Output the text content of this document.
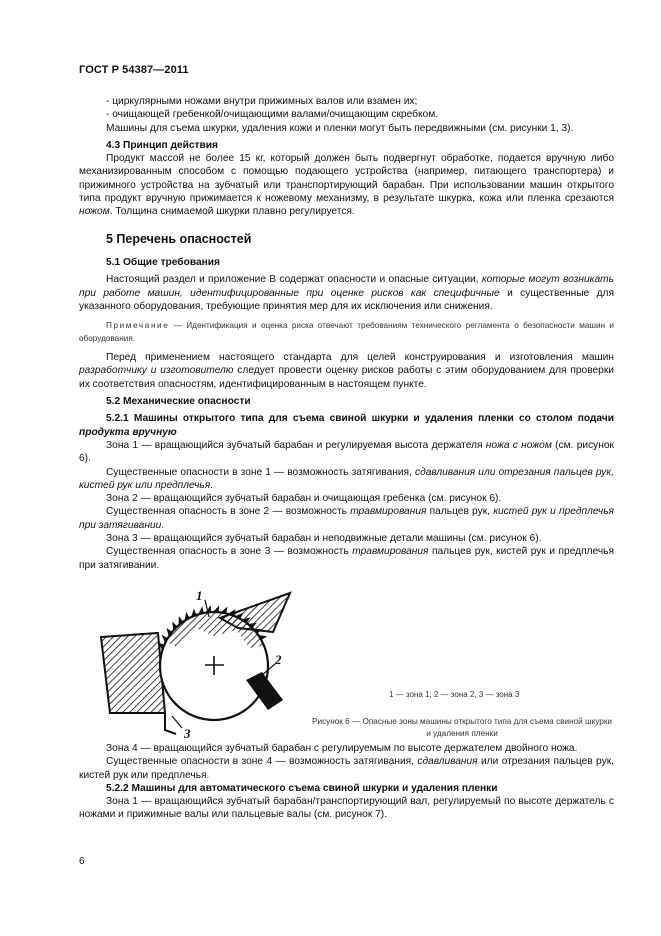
ГОСТ Р 54387—2011

- циркулярными ножами внутри прижимных валов или взамен их;

- очищающей гребенкой/очищающими валами/очищающим скребком.

Машины для съема шкурки, удаления кожи и пленки могут быть передвижными (см. рисунки 1, 3).

4.3 Принцип действия

Продукт массой не более 15 кг, который должен быть подвергнут обработке, подается вручную либо механизированным способом с помощью подающего устройства (например, питающего транспортера) и прижимного устройства на зубчатый или транспортирующий барабан. При использовании машин открытого типа продукт вручную прижимается к ножевому механизму, в результате шкурка, кожа или пленка срезаются ножом. Толщина снимаемой шкурки плавно регулируется.

5 Перечень опасностей

5.1 Общие требования

Настоящий раздел и приложение В содержат опасности и опасные ситуации, которые могут возникать при работе машин, идентифицированные при оценке рисков как специфичные и существенные для указанного оборудования, требующие принятия мер для их исключения или снижения.

Примечание — Идентификация и оценка риска отвечают требованиям технического регламента о безопасности машин и оборудования.

Перед применением настоящего стандарта для целей конструирования и изготовления машин разработчику и изготовителю следует провести оценку рисков работы с этим оборудованием для проверки их соответствия опасностям, идентифицированным в настоящем пункте.

5.2 Механические опасности

5.2.1 Машины открытого типа для съема свиной шкурки и удаления пленки со столом подачи продукта вручную

Зона 1 — вращающийся зубчатый барабан и регулируемая высота держателя ножа с ножом (см. рисунок 6).

Существенные опасности в зоне 1 — возможность затягивания, сдавливания или отрезания пальцев рук, кистей рук или предплечья.

Зона 2 — вращающийся зубчатый барабан и очищающая гребенка (см. рисунок 6).

Существенная опасность в зоне 2 — возможность травмирования пальцев рук, кистей рук и предплечья при затягивании.

Зона 3 — вращающийся зубчатый барабан и неподвижные детали машины (см. рисунок 6).

Существенная опасность в зоне 3 — возможность травмирования пальцев рук, кистей рук и предплечья при затягивании.

1
2
3
1 — зона 1; 2 — зона 2, 3 — зона 3
Рисунок 6 — Опасные зоны машины открытого типа для съема свиной шкурки и удаления пленки

Зона 4 — вращающийся зубчатый барабан с регулируемым по высоте держателем двойного ножа.

Существенные опасности в зоне 4 — возможность затягивания, сдавливания или отрезания пальцев рук, кистей рук или предплечья.

5.2.2 Машины для автоматического съема свиной шкурки и удаления пленки

Зона 1 — вращающийся зубчатый барабан/транспортирующий вал, регулируемый по высоте держатель с ножами и прижимные валы или пальцевые валы (см. рисунок 7).

6
